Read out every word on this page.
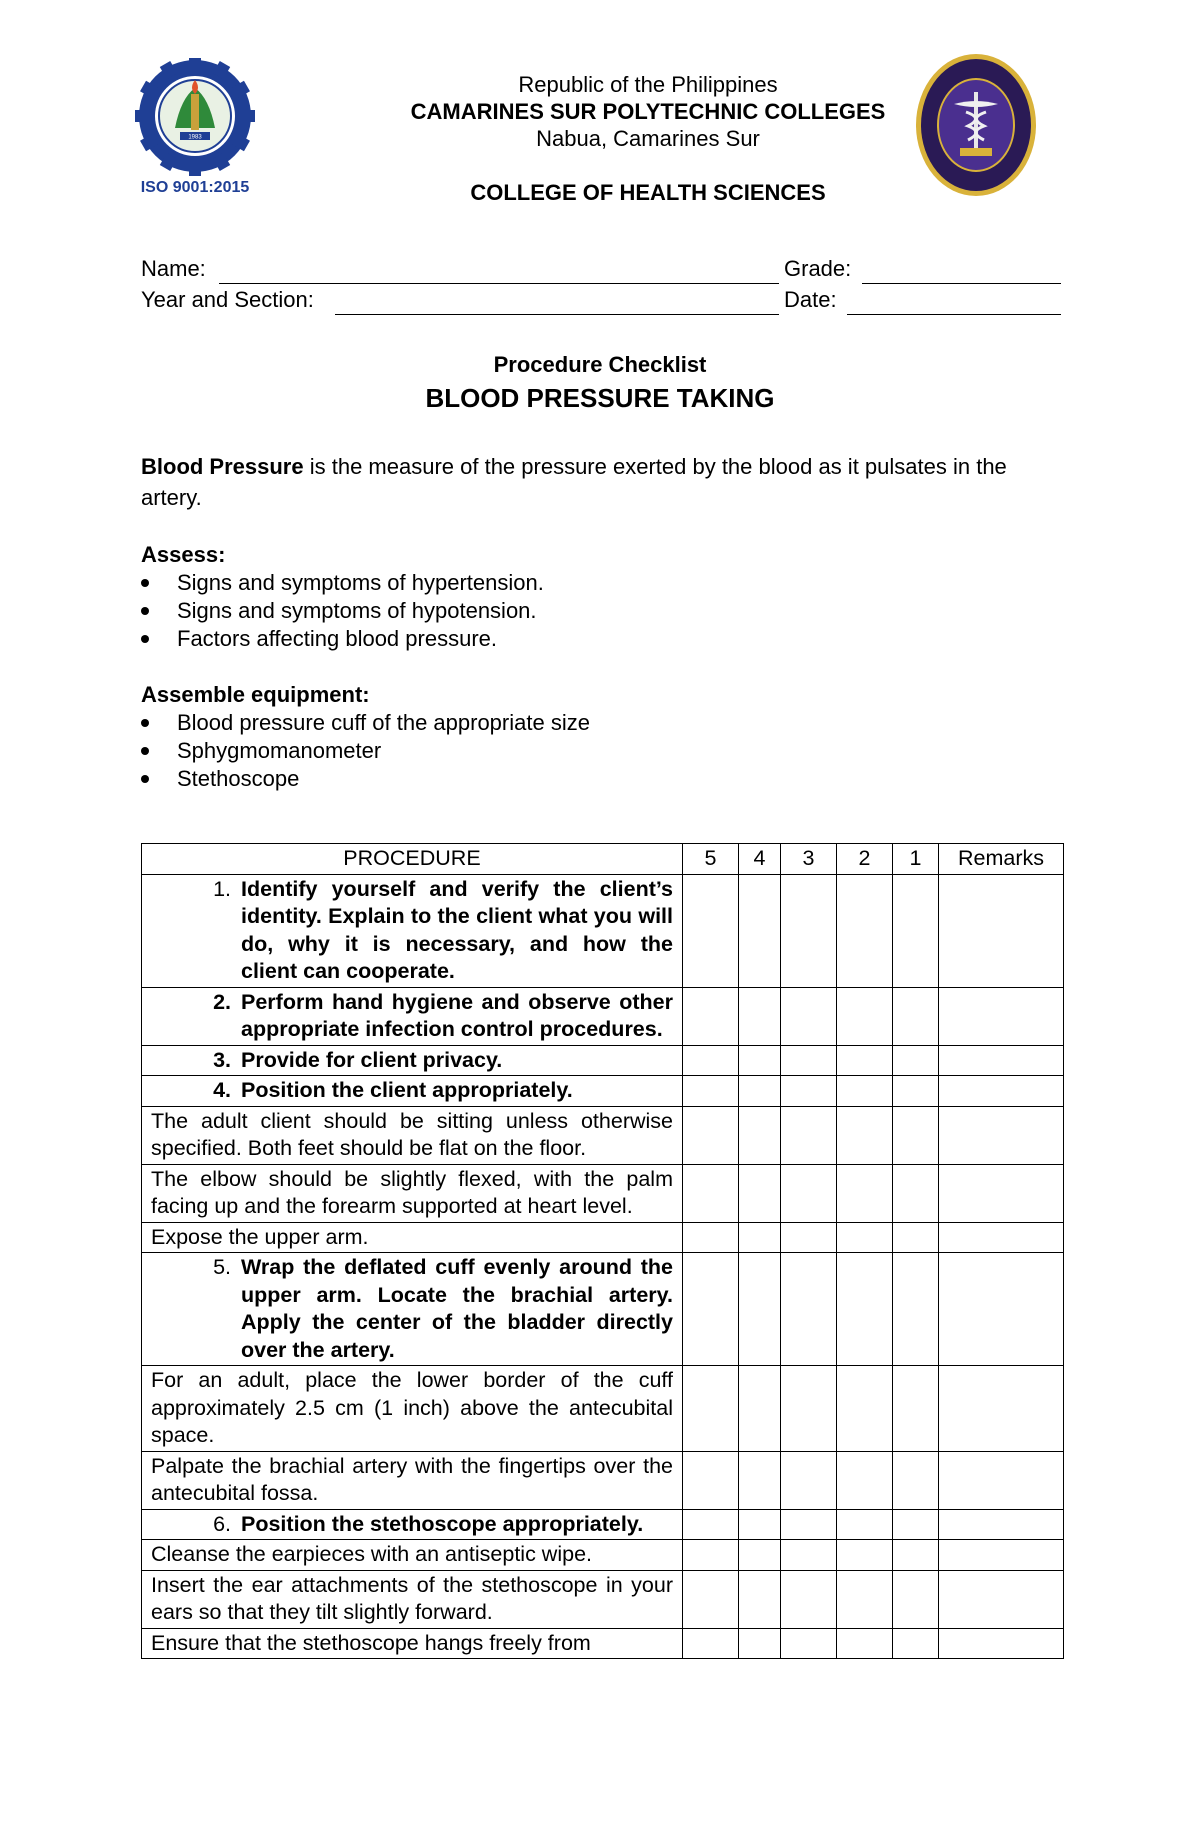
1983
ISO 9001:2015
Republic of the Philippines
CAMARINES SUR POLYTECHNIC COLLEGES
Nabua, Camarines Sur
COLLEGE OF HEALTH SCIENCES
Name:	Grade:
Year and Section:	Date:
Procedure Checklist
BLOOD PRESSURE TAKING
Blood Pressure is the measure of the pressure exerted by the blood as it pulsates in the artery.
Assess:
Signs and symptoms of hypertension.
Signs and symptoms of hypotension.
Factors affecting blood pressure.
Assemble equipment:
Blood pressure cuff of the appropriate size
Sphygmomanometer
Stethoscope
PROCEDURE	5	4	3	2	1	Remarks

1. Identify yourself and verify the client’s identity. Explain to the client what you will do, why it is necessary, and how the client can cooperate.						

2. Perform hand hygiene and observe other appropriate infection control procedures.						

3. Provide for client privacy.						

4. Position the client appropriately.						

The adult client should be sitting unless otherwise specified. Both feet should be flat on the floor.						
The elbow should be slightly flexed, with the palm facing up and the forearm supported at heart level.						
Expose the upper arm.						

5. Wrap the deflated cuff evenly around the upper arm. Locate the brachial artery. Apply the center of the bladder directly over the artery.						

For an adult, place the lower border of the cuff approximately 2.5 cm (1 inch) above the antecubital space.						
Palpate the brachial artery with the fingertips over the antecubital fossa.						

6. Position the stethoscope appropriately.						

Cleanse the earpieces with an antiseptic wipe.						
Insert the ear attachments of the stethoscope in your ears so that they tilt slightly forward.						
Ensure that the stethoscope hangs freely from						
